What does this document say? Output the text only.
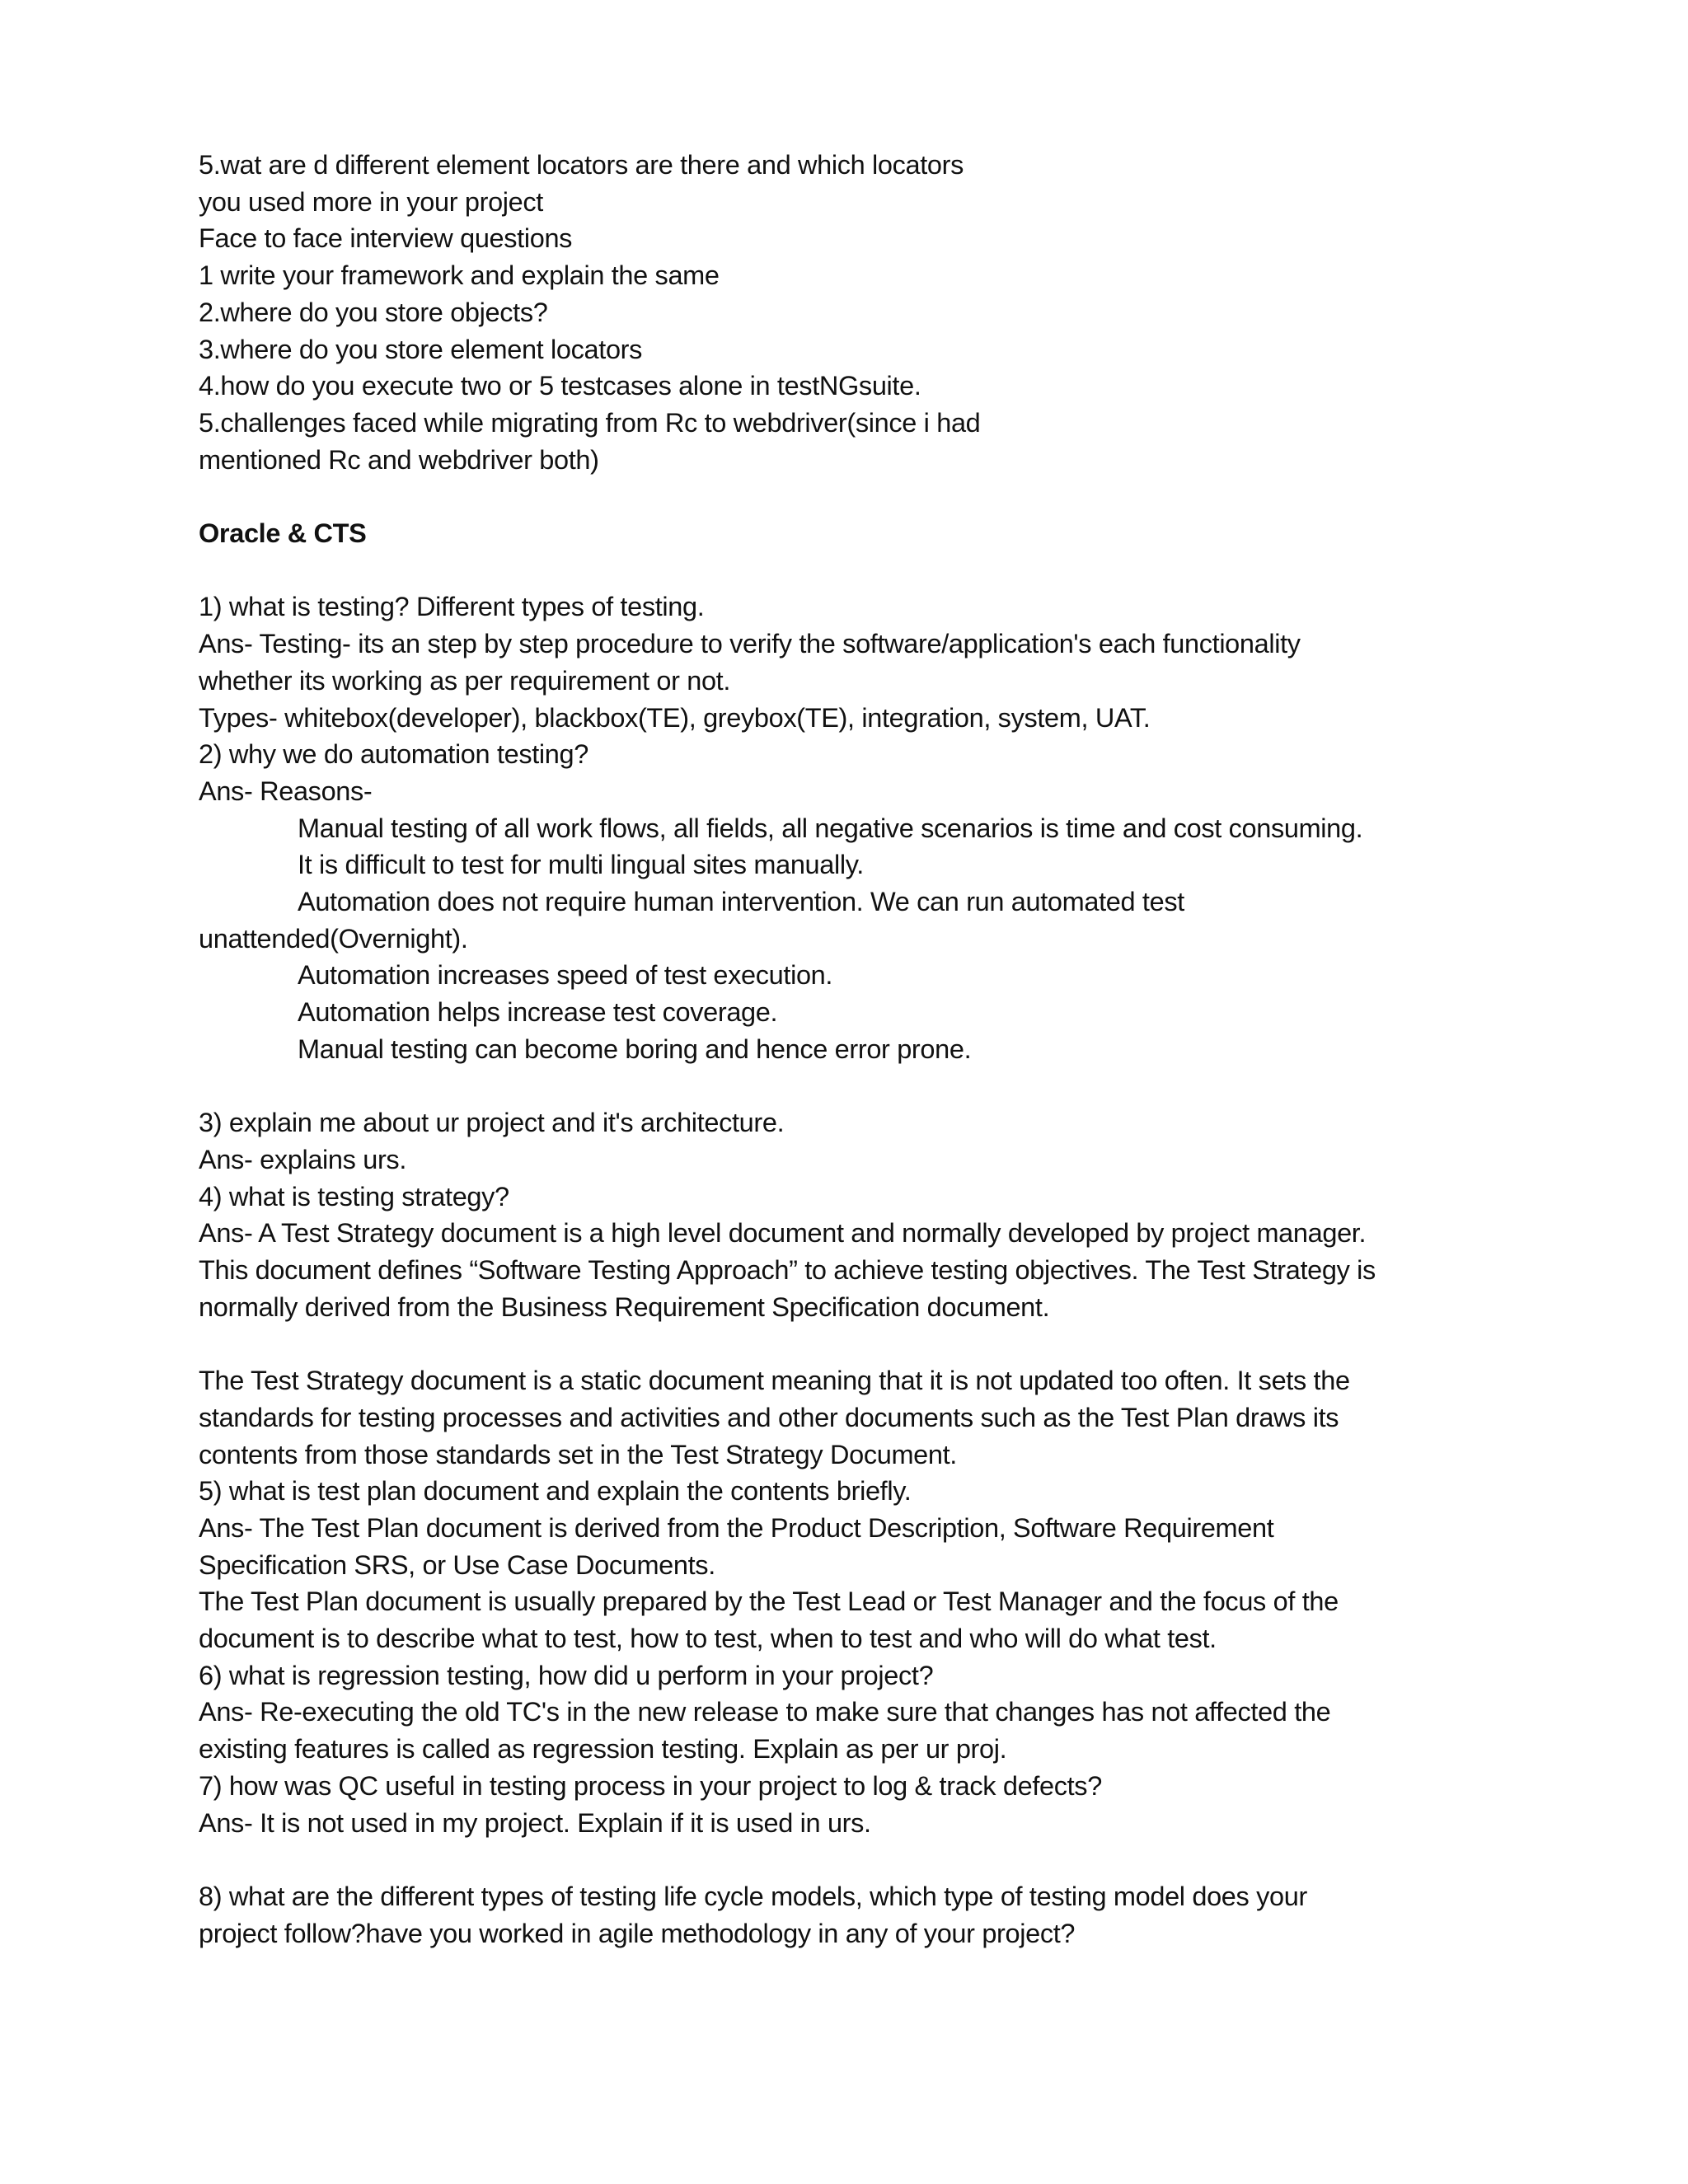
5.wat are d different element locators are there and which locators
you used more in your project
Face to face interview questions
1 write your framework and explain the same
2.where do you store objects?
3.where do you store element locators
4.how do you execute two or 5 testcases alone in testNGsuite.
5.challenges faced while migrating from Rc to webdriver(since i had
mentioned Rc and webdriver both)
Oracle & CTS
1) what is testing? Different types of testing.
Ans- Testing- its an step by step procedure to verify the software/application's each functionality
whether its working as per requirement or not.
Types- whitebox(developer), blackbox(TE), greybox(TE), integration, system, UAT.
2) why we do automation testing?
Ans- Reasons-
Manual testing of all work flows, all fields, all negative scenarios is time and cost consuming.
It is difficult to test for multi lingual sites manually.
Automation does not require human intervention. We can run automated test
unattended(Overnight).
Automation increases speed of test execution.
Automation helps increase test coverage.
Manual testing can become boring and hence error prone.
3) explain me about ur project and it's architecture.
Ans- explains urs.
4) what is testing strategy?
Ans- A Test Strategy document is a high level document and normally developed by project manager.
This document defines “Software Testing Approach” to achieve testing objectives. The Test Strategy is
normally derived from the Business Requirement Specification document.
The Test Strategy document is a static document meaning that it is not updated too often. It sets the
standards for testing processes and activities and other documents such as the Test Plan draws its
contents from those standards set in the Test Strategy Document.
5) what is test plan document and explain the contents briefly.
Ans- The Test Plan document is derived from the Product Description, Software Requirement
Specification SRS, or Use Case Documents.
The Test Plan document is usually prepared by the Test Lead or Test Manager and the focus of the
document is to describe what to test, how to test, when to test and who will do what test.
6) what is regression testing, how did u perform in your project?
Ans- Re-executing the old TC's in the new release to make sure that changes has not affected the
existing features is called as regression testing. Explain as per ur proj.
7) how was QC useful in testing process in your project to log & track defects?
Ans- It is not used in my project. Explain if it is used in urs.
8) what are the different types of testing life cycle models, which type of testing model does your
project follow?have you worked in agile methodology in any of your project?
